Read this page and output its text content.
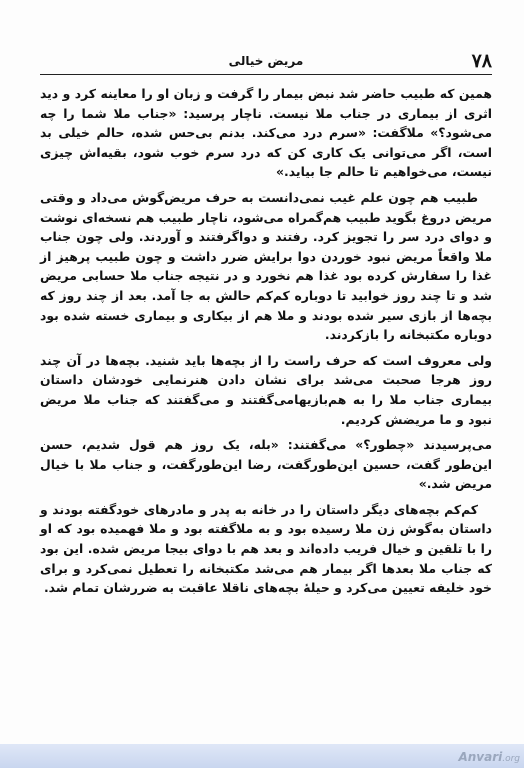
۷۸
مریض خیالی

همین که طبیب حاضر شد نبض بیمار را گرفت و زبان او را معاینه کرد و دید اثری از بیماری در جناب ملا نیست. ناچار پرسید: «جناب ملا شما را چه می‌شود؟» ملاگفت: «سرم درد می‌کند. بدنم بی‌حس شده، حالم خیلی بد است، اگر می‌توانی یک کاری کن که درد سرم خوب شود، بقیه‌اش چیزی نیست، می‌خواهیم تا حالم جا بیاید.»

طبیب هم چون علم غیب نمی‌دانست به حرف مریض‌گوش می‌داد و وقتی مریض دروغ بگوید طبیب هم‌گمراه می‌شود، ناچار طبیب هم نسخه‌ای نوشت و دوای درد سر را تجویز کرد. رفتند و دواگرفتند و آوردند. ولی چون جناب ملا واقعاً مریض نبود خوردن دوا برایش ضرر داشت و چون طبیب پرهیز از غذا را سفارش کرده بود غذا هم نخورد و در نتیجه جناب ملا حسابی مریض شد و تا چند روز خوابید تا دوباره کم‌کم حالش به جا آمد. بعد از چند روز که بچه‌ها از بازی سیر شده بودند و ملا هم از بیکاری و بیماری خسته شده بود دوباره مکتبخانه را بازکردند.

ولی معروف است که حرف راست را از بچه‌ها باید شنید. بچه‌ها در آن چند روز هرجا صحبت می‌شد برای نشان دادن هنرنمایی خودشان داستان بیماری جناب ملا را به هم‌بازیهامی‌گفتند و می‌گفتند که جناب ملا مریض نبود و ما مریضش کردیم.

می‌پرسیدند «چطور؟» می‌گفتند: «بله، یک روز هم قول شدیم، حسن این‌طور گفت، حسین این‌طورگفت، رضا این‌طورگفت، و جناب ملا با خیال مریض شد.»

کم‌کم بچه‌های دیگر داستان را در خانه به پدر و مادرهای خودگفته بودند و داستان به‌گوش زن ملا رسیده بود و به ملاگفته بود و ملا فهمیده بود که او را با تلقین و خیال فریب داده‌اند و بعد هم با دوای بیجا مریض شده. این بود که جناب ملا بعدها اگر بیمار هم می‌شد مکتبخانه را تعطیل نمی‌کرد و برای خود خلیفه تعیین می‌کرد و حیلهٔ بچه‌های ناقلا عاقبت به ضررشان تمام شد.

Anvari.org
